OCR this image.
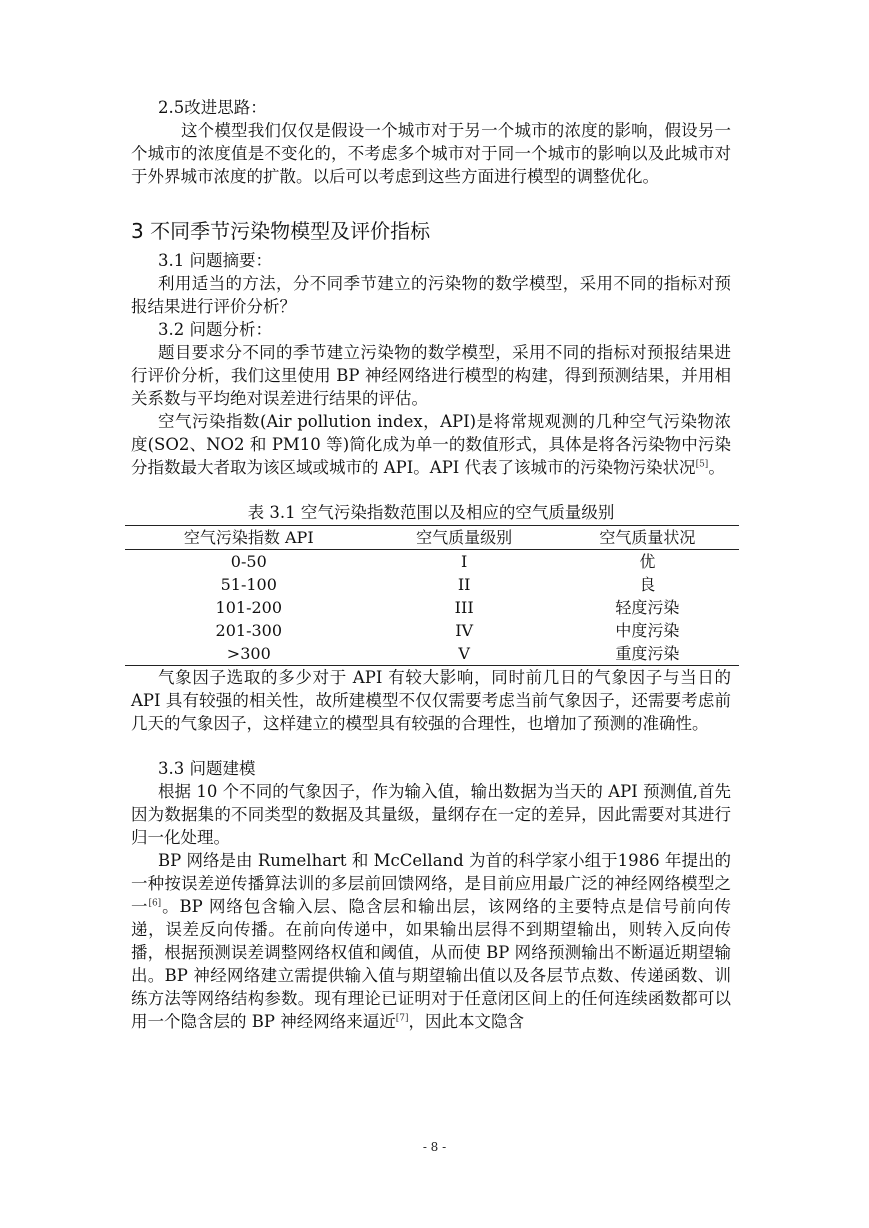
2.5改进思路：

这个模型我们仅仅是假设一个城市对于另一个城市的浓度的影响，假设另一个城市的浓度值是不变化的，不考虑多个城市对于同一个城市的影响以及此城市对于外界城市浓度的扩散。以后可以考虑到这些方面进行模型的调整优化。

3 不同季节污染物模型及评价指标

3.1 问题摘要：

利用适当的方法，分不同季节建立的污染物的数学模型，采用不同的指标对预报结果进行评价分析？

3.2 问题分析：

题目要求分不同的季节建立污染物的数学模型，采用不同的指标对预报结果进行评价分析，我们这里使用 BP 神经网络进行模型的构建，得到预测结果，并用相关系数与平均绝对误差进行结果的评估。

空气污染指数(Air pollution index，API)是将常规观测的几种空气污染物浓度(SO2、NO2 和 PM10 等)简化成为单一的数值形式，具体是将各污染物中污染分指数最大者取为该区域或城市的 API。API 代表了该城市的污染物污染状况[5]。

表 3.1 空气污染指数范围以及相应的空气质量级别

空气污染指数 API	空气质量级别	空气质量状况
0-50	I	优
51-100	II	良
101-200	III	轻度污染
201-300	IV	中度污染
>300	V	重度污染

气象因子选取的多少对于 API 有较大影响，同时前几日的气象因子与当日的 API 具有较强的相关性，故所建模型不仅仅需要考虑当前气象因子，还需要考虑前几天的气象因子，这样建立的模型具有较强的合理性，也增加了预测的准确性。

3.3 问题建模

根据 10 个不同的气象因子，作为输入值，输出数据为当天的 API 预测值,首先因为数据集的不同类型的数据及其量级，量纲存在一定的差异，因此需要对其进行归一化处理。

BP 网络是由 Rumelhart 和 McCelland 为首的科学家小组于1986 年提出的一种按误差逆传播算法训的多层前回馈网络，是目前应用最广泛的神经网络模型之一[6]。BP 网络包含输入层、隐含层和输出层，该网络的主要特点是信号前向传递，误差反向传播。在前向传递中，如果输出层得不到期望输出，则转入反向传播，根据预测误差调整网络权值和阈值，从而使 BP 网络预测输出不断逼近期望输出。BP 神经网络建立需提供输入值与期望输出值以及各层节点数、传递函数、训练方法等网络结构参数。现有理论已证明对于任意闭区间上的任何连续函数都可以用一个隐含层的 BP 神经网络来逼近[7]，因此本文隐含

- 8 -
